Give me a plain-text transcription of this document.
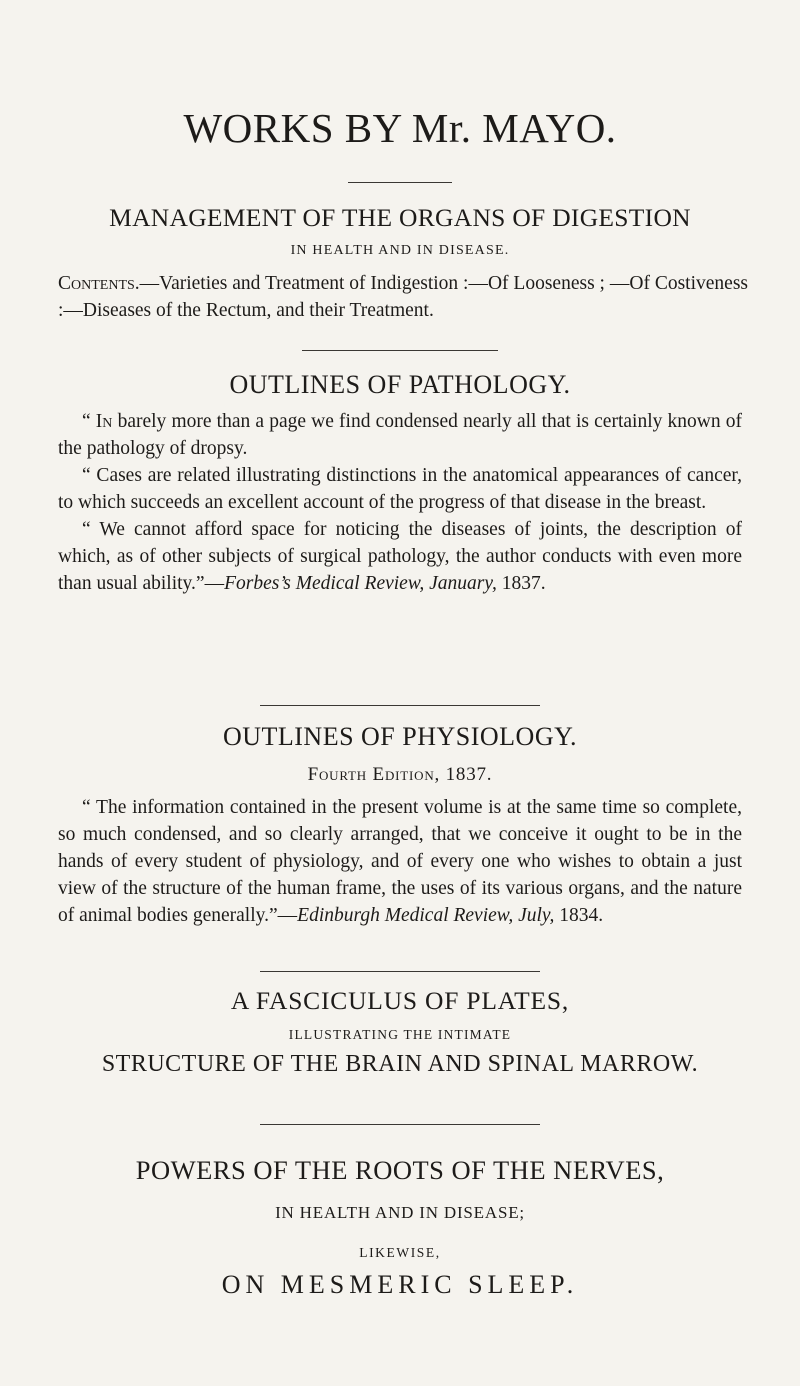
WORKS BY Mr. MAYO.
MANAGEMENT OF THE ORGANS OF DIGESTION
IN HEALTH AND IN DISEASE.

Contents.—Varieties and Treatment of Indigestion :—Of Looseness ; —Of Costiveness :—Diseases of the Rectum, and their Treatment.

OUTLINES OF PATHOLOGY.

“ In barely more than a page we find condensed nearly all that is certainly known of the pathology of dropsy.

“ Cases are related illustrating distinctions in the anatomical appearances of cancer, to which succeeds an excellent account of the progress of that disease in the breast.

“ We cannot afford space for noticing the diseases of joints, the description of which, as of other subjects of surgical pathology, the author conducts with even more than usual ability.”—Forbes’s Medical Review, January, 1837.

OUTLINES OF PHYSIOLOGY.
Fourth Edition, 1837.

“ The information contained in the present volume is at the same time so complete, so much condensed, and so clearly arranged, that we conceive it ought to be in the hands of every student of physiology, and of every one who wishes to obtain a just view of the structure of the human frame, the uses of its various organs, and the nature of animal bodies generally.”—Edinburgh Medical Review, July, 1834.

A FASCICULUS OF PLATES,
ILLUSTRATING THE INTIMATE
STRUCTURE OF THE BRAIN AND SPINAL MARROW.
POWERS OF THE ROOTS OF THE NERVES,
IN HEALTH AND IN DISEASE;
LIKEWISE,
ON MESMERIC SLEEP.
